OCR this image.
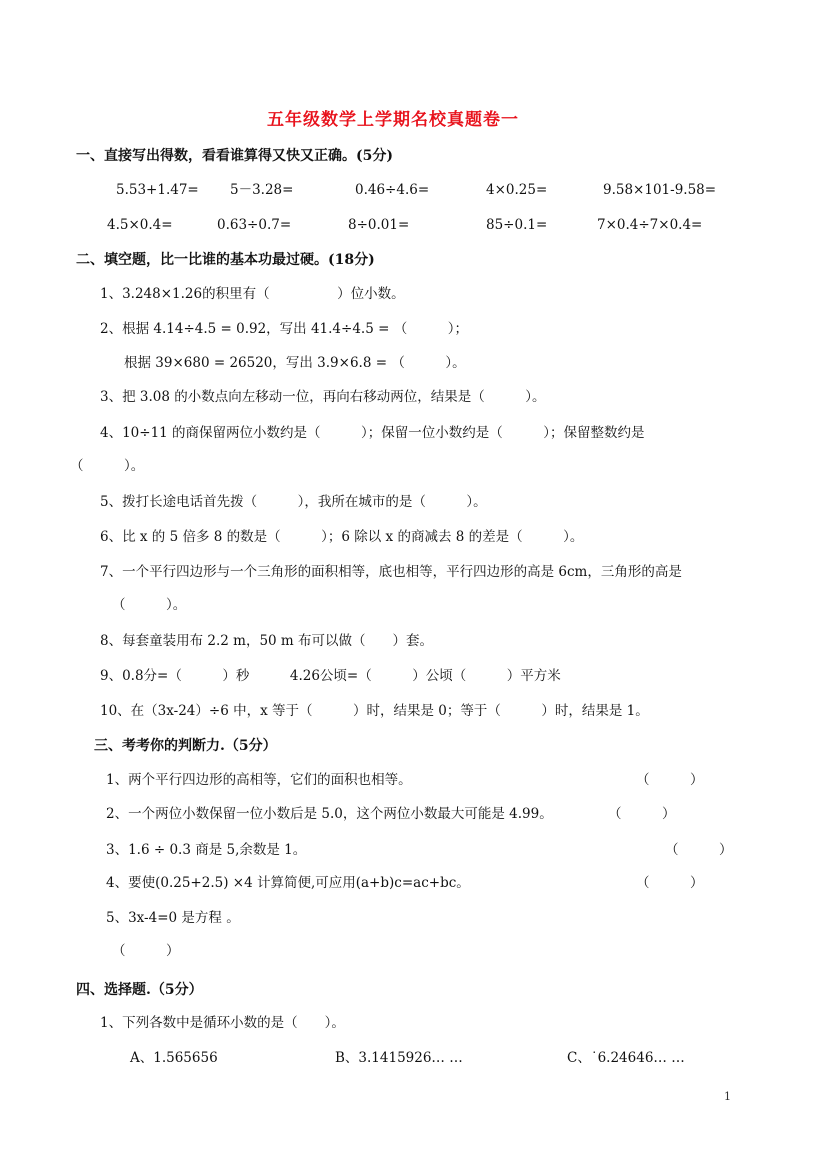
五年级数学上学期名校真题卷一
一、直接写出得数，看看谁算得又快又正确。(5分)
5.53+1.47= 5－3.28=	0.46÷4.6=	4×0.25=	9.58×101-9.58=
4.5×0.4=	0.63÷0.7=	8÷0.01=	85÷0.1=	7×0.4÷7×0.4=
二、填空题，比一比谁的基本功最过硬。(18分)
1、3.248×1.26的积里有（　　　　　）位小数。
2、根据 4.14÷4.5 = 0.92，写出 41.4÷4.5 = （　　　）；
根据 39×680 = 26520，写出 3.9×6.8 = （　　　）。
3、把 3.08 的小数点向左移动一位，再向右移动两位，结果是（　　　）。
4、10÷11 的商保留两位小数约是（　　　）；保留一位小数约是（　　　）；保留整数约是
（　　　）。
5、拨打长途电话首先拨（　　　），我所在城市的是（　　　）。
6、比 x 的 5 倍多 8 的数是（　　　）；6 除以 x 的商减去 8 的差是（　　　）。
7、一个平行四边形与一个三角形的面积相等，底也相等，平行四边形的高是 6cm，三角形的高是
（　　　）。
8、每套童装用布 2.2 m，50 m 布可以做（　　）套。
9、0.8分=（　　　）秒　　　4.26公顷=（　　　）公顷（　　　）平方米
10、在（3x-24）÷6 中，x 等于（　　　）时，结果是 0；等于（　　　）时，结果是 1。
三、考考你的判断力.（5分）
1、两个平行四边形的高相等，它们的面积也相等。	（　　　）
2、一个两位小数保留一位小数后是 5.0，这个两位小数最大可能是 4.99。	（　　　）
3、1.6 ÷ 0.3 商是 5,余数是 1。	（　　　）
4、要使(0.25+2.5) ×4 计算简便,可应用(a+b)c=ac+bc。	（　　　）
5、3x-4=0 是方程 。
（　　　）
四、选择题.（5分）
1、下列各数中是循环小数的是（　　）。
A、1.565656	B、3.1415926… …	C、˙6.24646… …
1
